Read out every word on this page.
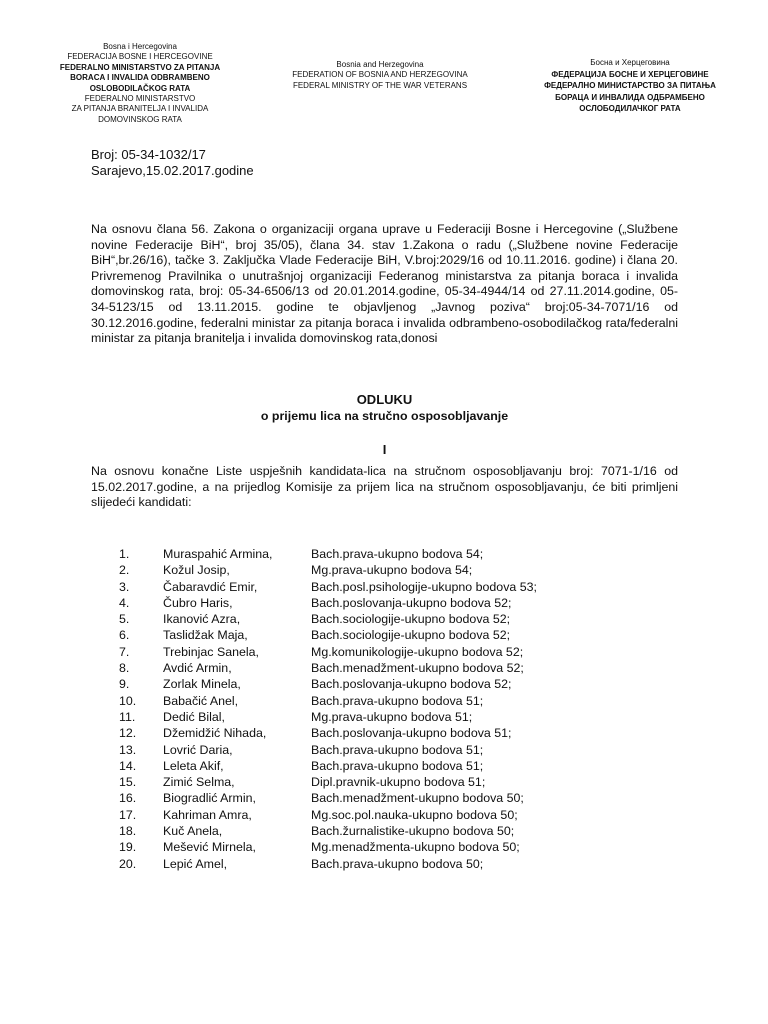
Bosna i Hercegovina
FEDERACIJA BOSNE I HERCEGOVINE
FEDERALNO MINISTARSTVO ZA PITANJA
BORACA I INVALIDA ODBRAMBENO
OSLOBODILAČKOG RATA
FEDERALNO MINISTARSTVO
ZA PITANJA BRANITELJA I INVALIDA
DOMOVINSKOG RATA
Bosnia and Herzegovina
FEDERATION OF BOSNIA AND HERZEGOVINA
FEDERAL MINISTRY OF THE WAR VETERANS
Босна и Херцеговина
ФЕДЕРАЦИЈА БОСНЕ И ХЕРЦЕГОВИНЕ
ФЕДЕРАЛНО МИНИСТАРСТВО ЗА ПИТАЊА
БОРАЦА И ИНВАЛИДА ОДБРАМБЕНО
ОСЛОБОДИЛАЧКОГ РАТА
Broj: 05-34-1032/17
Sarajevo,15.02.2017.godine

Na osnovu člana 56. Zakona o organizaciji organa uprave u Federaciji Bosne i Hercegovine („Službene novine Federacije BiH“, broj 35/05), člana 34. stav 1.Zakona o radu („Službene novine Federacije BiH“,br.26/16), tačke 3. Zaključka Vlade Federacije BiH, V.broj:2029/16 od 10.11.2016. godine) i člana 20. Privremenog Pravilnika o unutrašnjoj organizaciji Federanog ministarstva za pitanja boraca i invalida domovinskog rata, broj: 05-34-6506/13 od 20.01.2014.godine, 05-34-4944/14 od 27.11.2014.godine, 05-34-5123/15 od 13.11.2015. godine te objavljenog „Javnog poziva“ broj:05-34-7071/16 od 30.12.2016.godine, federalni ministar za pitanja boraca i invalida odbrambeno-osobodilačkog rata/federalni ministar za pitanja branitelja i invalida domovinskog rata,donosi

ODLUKU
o prijemu lica na stručno osposobljavanje
I

Na osnovu konačne Liste uspješnih kandidata-lica na stručnom osposobljavanju broj: 7071-1/16 od 15.02.2017.godine, a na prijedlog Komisije za prijem lica na stručnom osposobljavanju, će biti primljeni slijedeći kandidati:

1.	Muraspahić Armina,	Bach.prava-ukupno bodova 54;
2.	Kožul Josip,	Mg.prava-ukupno bodova 54;
3.	Čabaravdić Emir,	Bach.posl.psihologije-ukupno bodova 53;
4.	Čubro Haris,	Bach.poslovanja-ukupno bodova 52;
5.	Ikanović Azra,	Bach.sociologije-ukupno bodova 52;
6.	Taslidžak Maja,	Bach.sociologije-ukupno bodova 52;
7.	Trebinjac Sanela,	Mg.komunikologije-ukupno bodova 52;
8.	Avdić Armin,	Bach.menadžment-ukupno bodova 52;
9.	Zorlak Minela,	Bach.poslovanja-ukupno bodova 52;
10. Babačić Anel,	Bach.prava-ukupno bodova 51;
11. Dedić Bilal,	Mg.prava-ukupno bodova 51;
12. Džemidžić Nihada,	Bach.poslovanja-ukupno bodova 51;
13. Lovrić Daria,	Bach.prava-ukupno bodova 51;
14. Leleta Akif,	Bach.prava-ukupno bodova 51;
15. Zimić Selma,	Dipl.pravnik-ukupno bodova 51;
16. Biogradlić Armin,	Bach.menadžment-ukupno bodova 50;
17. Kahriman Amra,	Mg.soc.pol.nauka-ukupno bodova 50;
18. Kuč Anela,	Bach.žurnalistike-ukupno bodova 50;
19. Mešević Mirnela,	Mg.menadžmenta-ukupno bodova 50;
20. Lepić Amel,	Bach.prava-ukupno bodova 50;
